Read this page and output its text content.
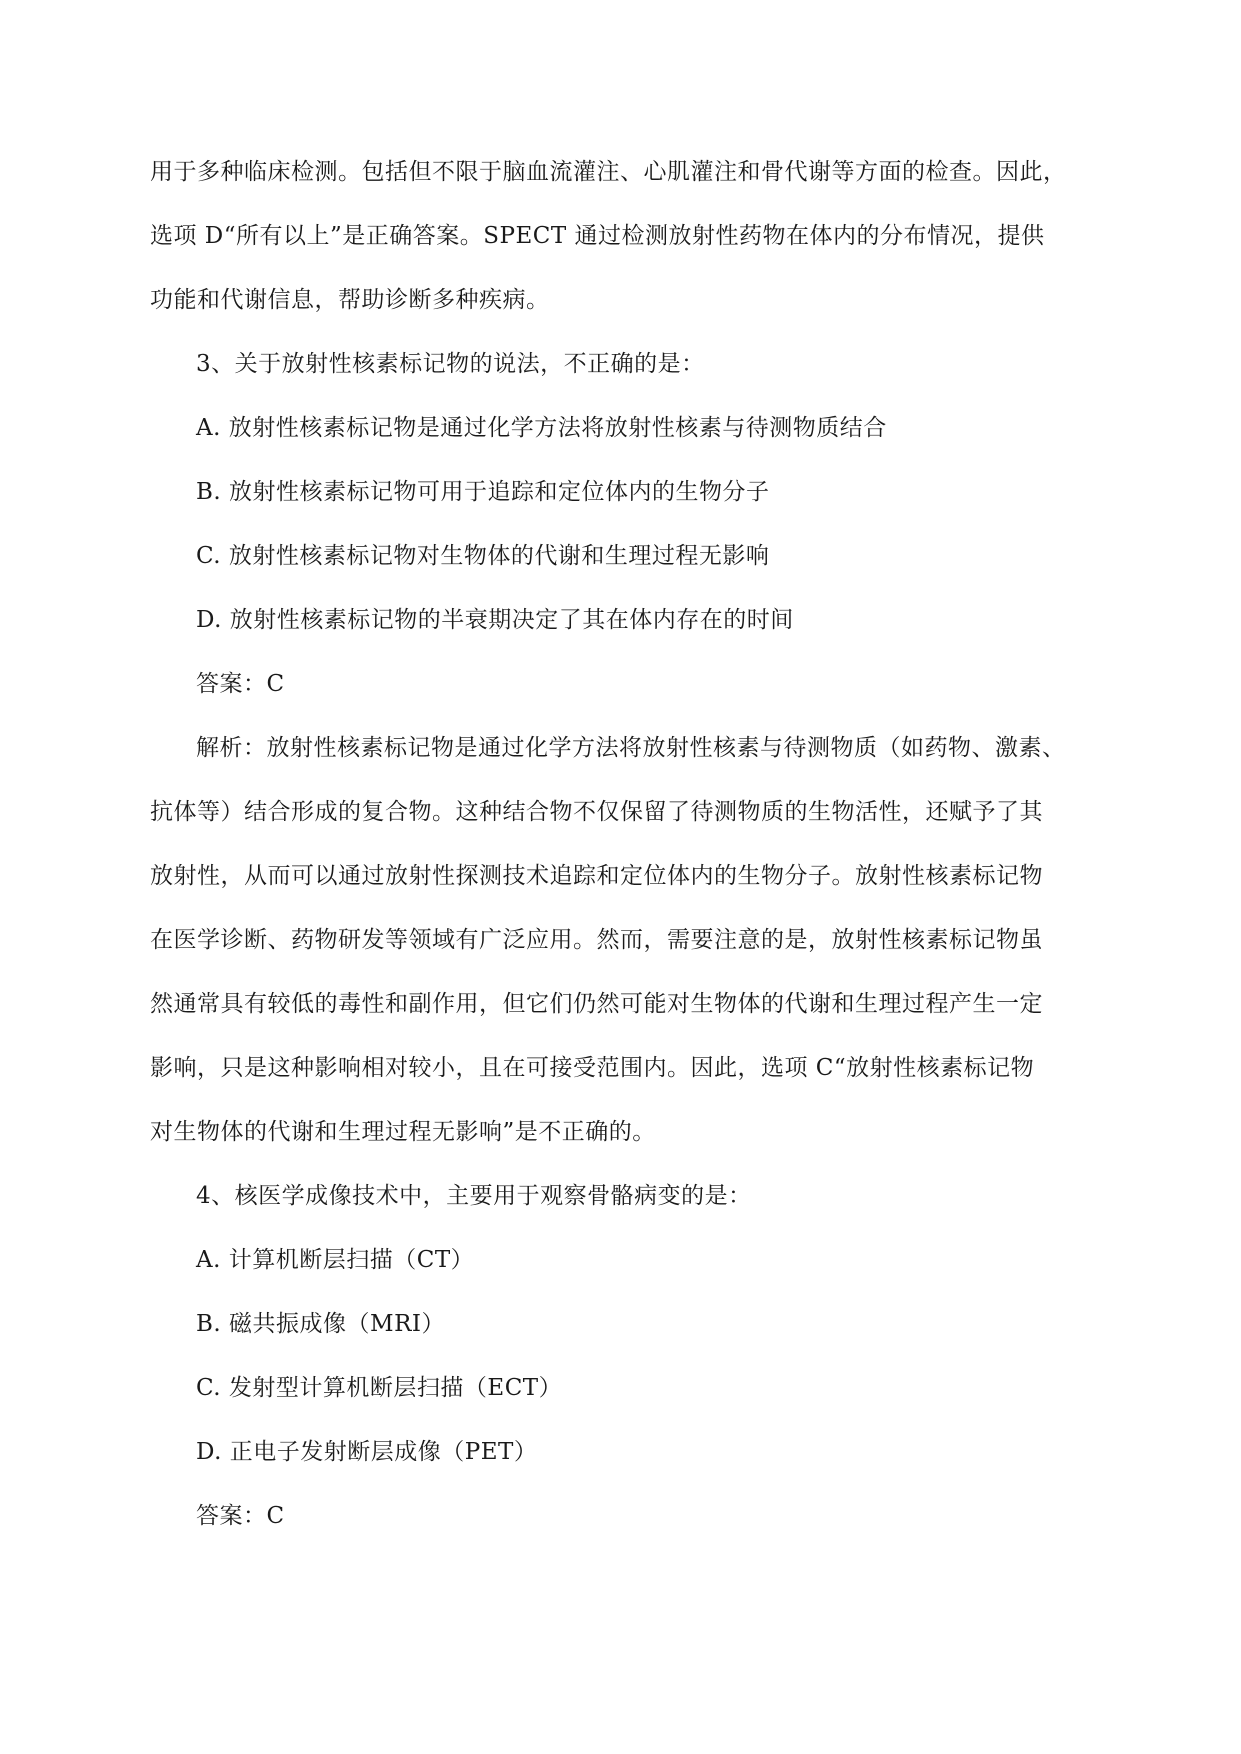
用于多种临床检测。包括但不限于脑血流灌注、心肌灌注和骨代谢等方面的检查。因此，
选项 D“所有以上”是正确答案。SPECT 通过检测放射性药物在体内的分布情况，提供
功能和代谢信息，帮助诊断多种疾病。
3、关于放射性核素标记物的说法，不正确的是：
A. 放射性核素标记物是通过化学方法将放射性核素与待测物质结合
B. 放射性核素标记物可用于追踪和定位体内的生物分子
C. 放射性核素标记物对生物体的代谢和生理过程无影响
D. 放射性核素标记物的半衰期决定了其在体内存在的时间
答案：C
解析：放射性核素标记物是通过化学方法将放射性核素与待测物质（如药物、激素、
抗体等）结合形成的复合物。这种结合物不仅保留了待测物质的生物活性，还赋予了其
放射性，从而可以通过放射性探测技术追踪和定位体内的生物分子。放射性核素标记物
在医学诊断、药物研发等领域有广泛应用。然而，需要注意的是，放射性核素标记物虽
然通常具有较低的毒性和副作用，但它们仍然可能对生物体的代谢和生理过程产生一定
影响，只是这种影响相对较小，且在可接受范围内。因此，选项 C“放射性核素标记物
对生物体的代谢和生理过程无影响”是不正确的。
4、核医学成像技术中，主要用于观察骨骼病变的是：
A. 计算机断层扫描（CT）
B. 磁共振成像（MRI）
C. 发射型计算机断层扫描（ECT）
D. 正电子发射断层成像（PET）
答案：C
